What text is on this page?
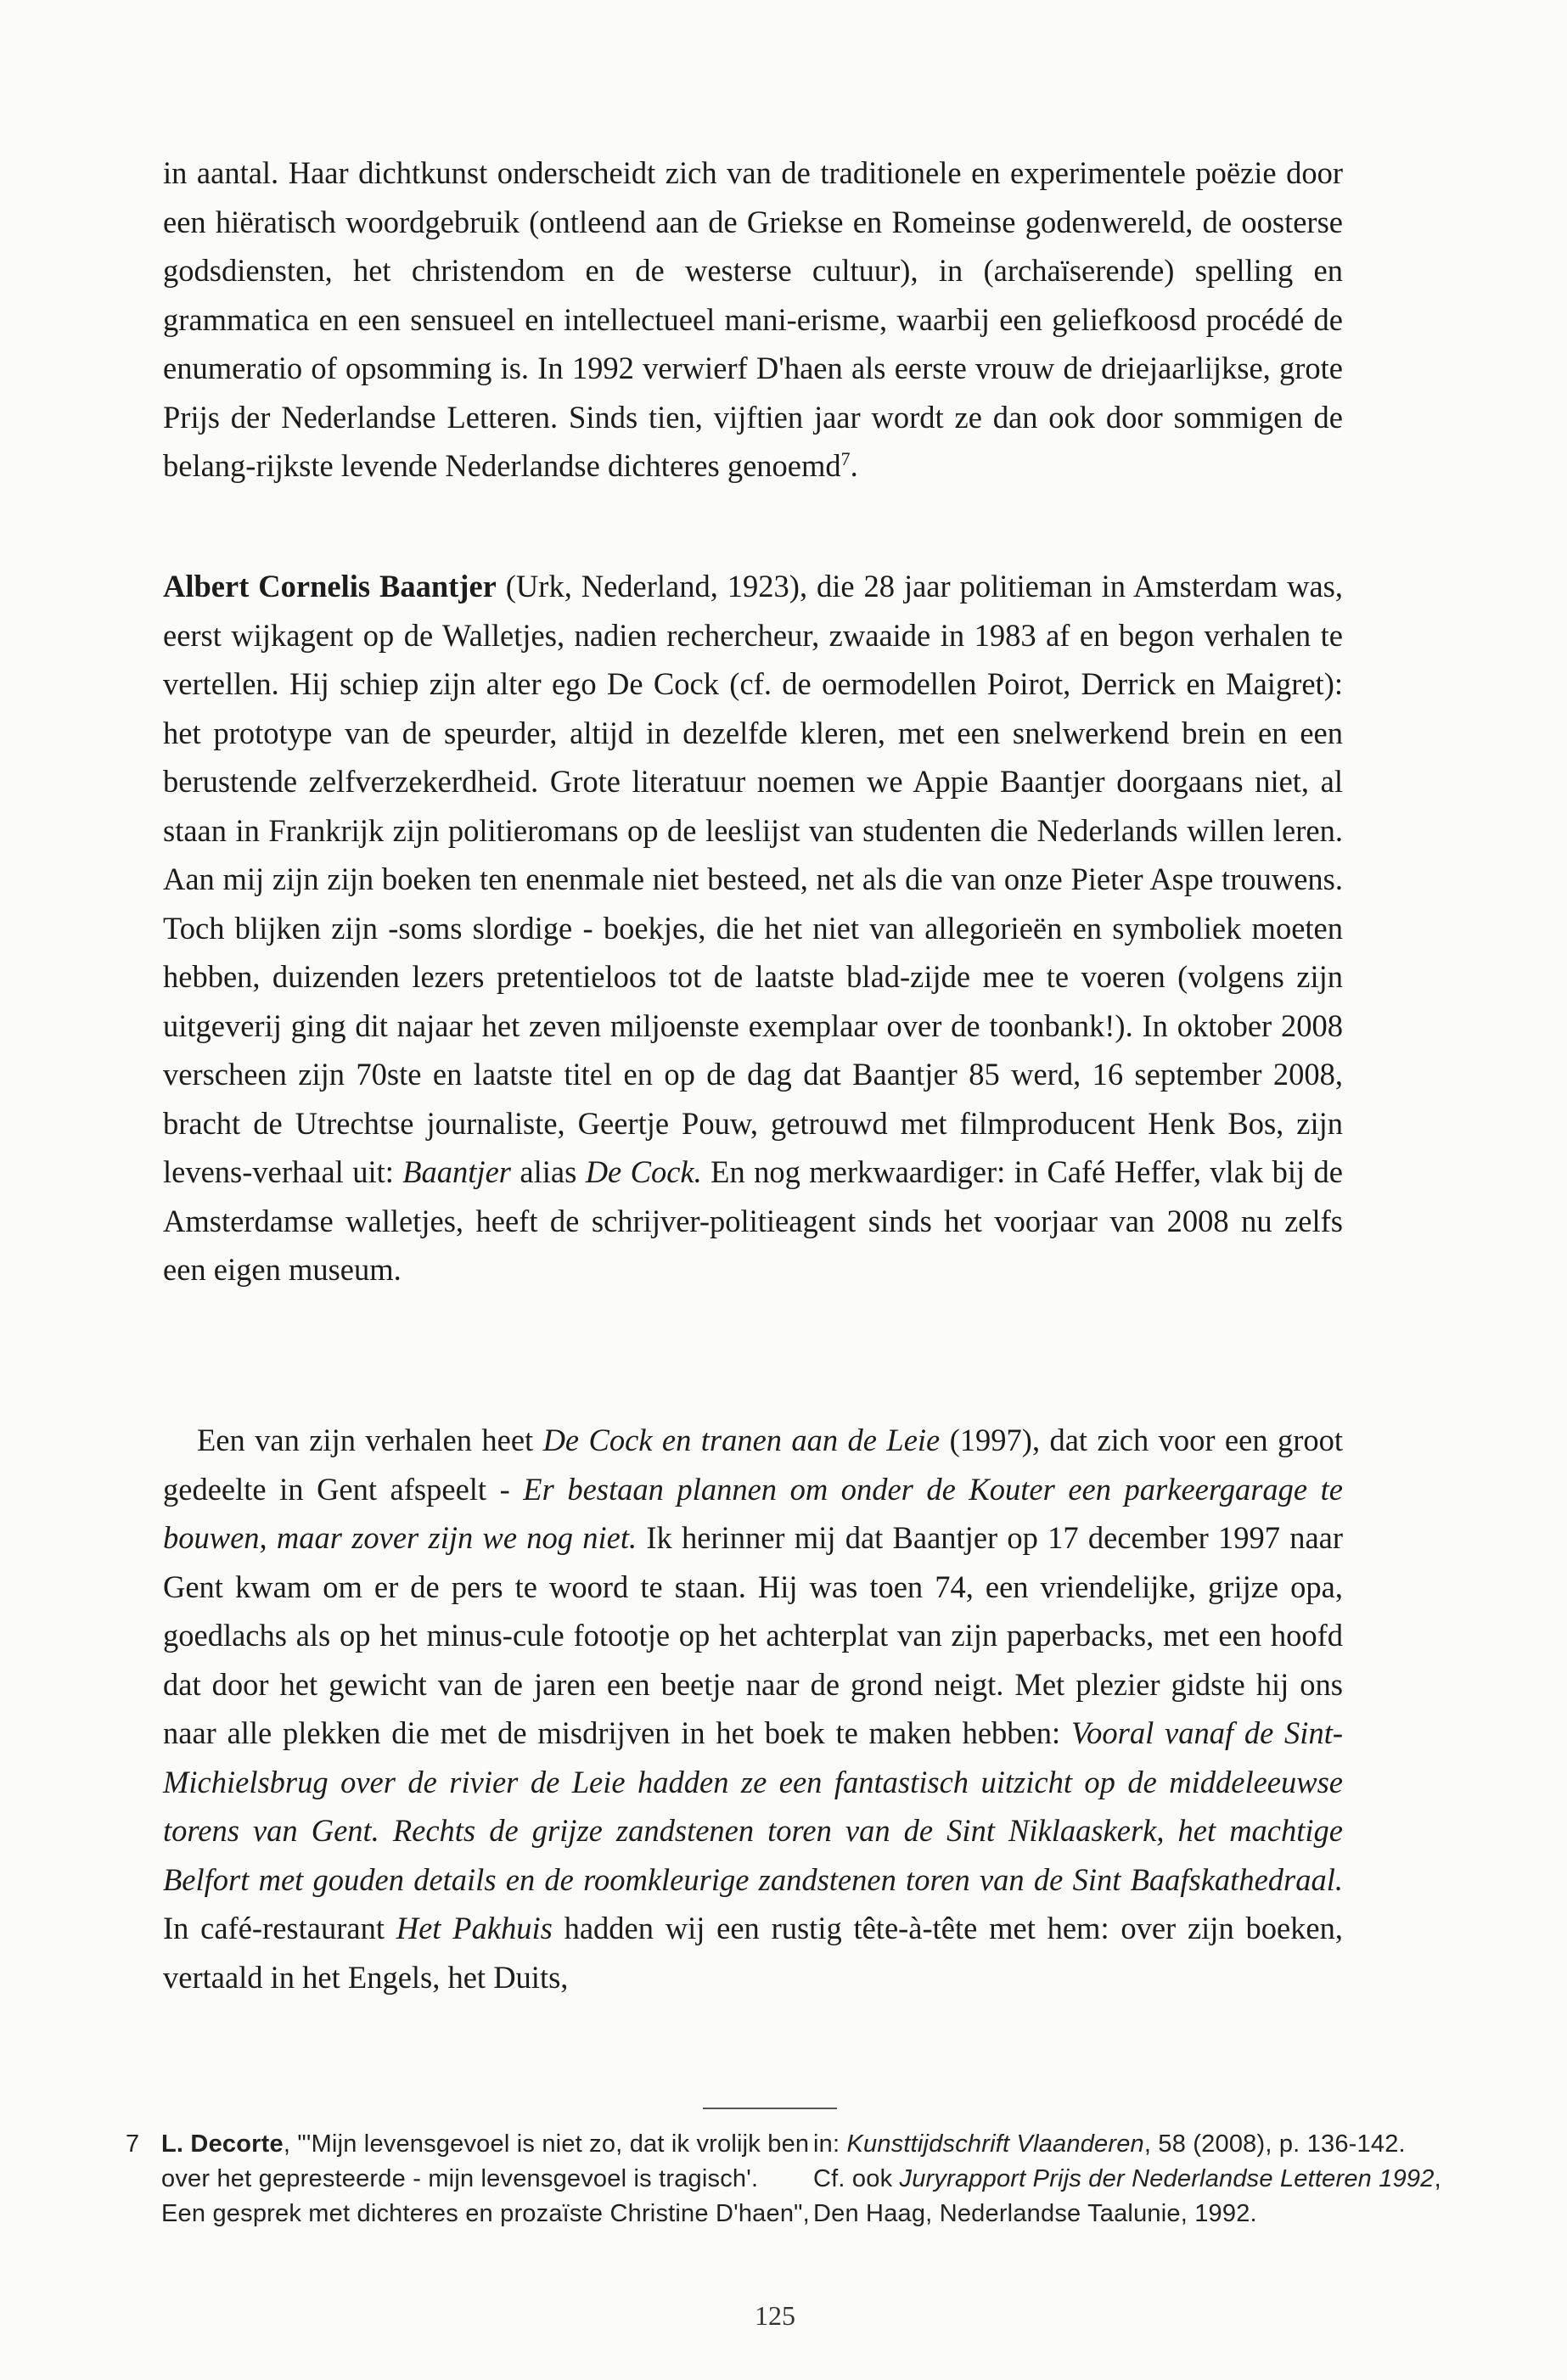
in aantal. Haar dichtkunst onderscheidt zich van de traditionele en experimentele poëzie door een hiëratisch woordgebruik (ontleend aan de Griekse en Romeinse godenwereld, de oosterse godsdiensten, het christendom en de westerse cultuur), in (archaïserende) spelling en grammatica en een sensueel en intellectueel mani-erisme, waarbij een geliefkoosd procédé de enumeratio of opsomming is. In 1992 verwierf D'haen als eerste vrouw de driejaarlijkse, grote Prijs der Nederlandse Letteren. Sinds tien, vijftien jaar wordt ze dan ook door sommigen de belang-rijkste levende Nederlandse dichteres genoemd$^7$.

Albert Cornelis Baantjer (Urk, Nederland, 1923), die 28 jaar politieman in Amsterdam was, eerst wijkagent op de Walletjes, nadien rechercheur, zwaaide in 1983 af en begon verhalen te vertellen. Hij schiep zijn alter ego De Cock (cf. de oermodellen Poirot, Derrick en Maigret): het prototype van de speurder, altijd in dezelfde kleren, met een snelwerkend brein en een berustende zelfverzekerdheid. Grote literatuur noemen we Appie Baantjer doorgaans niet, al staan in Frankrijk zijn politieromans op de leeslijst van studenten die Nederlands willen leren. Aan mij zijn zijn boeken ten enenmale niet besteed, net als die van onze Pieter Aspe trouwens. Toch blijken zijn -soms slordige - boekjes, die het niet van allegorieën en symboliek moeten hebben, duizenden lezers pretentieloos tot de laatste blad-zijde mee te voeren (volgens zijn uitgeverij ging dit najaar het zeven miljoenste exemplaar over de toonbank!). In oktober 2008 verscheen zijn 70ste en laatste titel en op de dag dat Baantjer 85 werd, 16 september 2008, bracht de Utrechtse journaliste, Geertje Pouw, getrouwd met filmproducent Henk Bos, zijn levens-verhaal uit: Baantjer alias De Cock. En nog merkwaardiger: in Café Heffer, vlak bij de Amsterdamse walletjes, heeft de schrijver-politieagent sinds het voorjaar van 2008 nu zelfs een eigen museum.

Een van zijn verhalen heet De Cock en tranen aan de Leie (1997), dat zich voor een groot gedeelte in Gent afspeelt - Er bestaan plannen om onder de Kouter een parkeergarage te bouwen, maar zover zijn we nog niet. Ik herinner mij dat Baantjer op 17 december 1997 naar Gent kwam om er de pers te woord te staan. Hij was toen 74, een vriendelijke, grijze opa, goedlachs als op het minus-cule fotootje op het achterplat van zijn paperbacks, met een hoofd dat door het gewicht van de jaren een beetje naar de grond neigt. Met plezier gidste hij ons naar alle plekken die met de misdrijven in het boek te maken hebben: Vooral vanaf de Sint-Michielsbrug over de rivier de Leie hadden ze een fantastisch uitzicht op de middeleeuwse torens van Gent. Rechts de grijze zandstenen toren van de Sint Niklaaskerk, het machtige Belfort met gouden details en de roomkleurige zandstenen toren van de Sint Baafskathedraal. In café-restaurant Het Pakhuis hadden wij een rustig tête-à-tête met hem: over zijn boeken, vertaald in het Engels, het Duits,

7 L. Decorte, "'Mijn levensgevoel is niet zo, dat ik vrolijk ben
over het gepresteerde - mijn levensgevoel is tragisch'.
Een gesprek met dichteres en prozaïste Christine D'haen",
in: Kunsttijdschrift Vlaanderen, 58 (2008), p. 136-142.
Cf. ook Juryrapport Prijs der Nederlandse Letteren 1992,
Den Haag, Nederlandse Taalunie, 1992.
125
